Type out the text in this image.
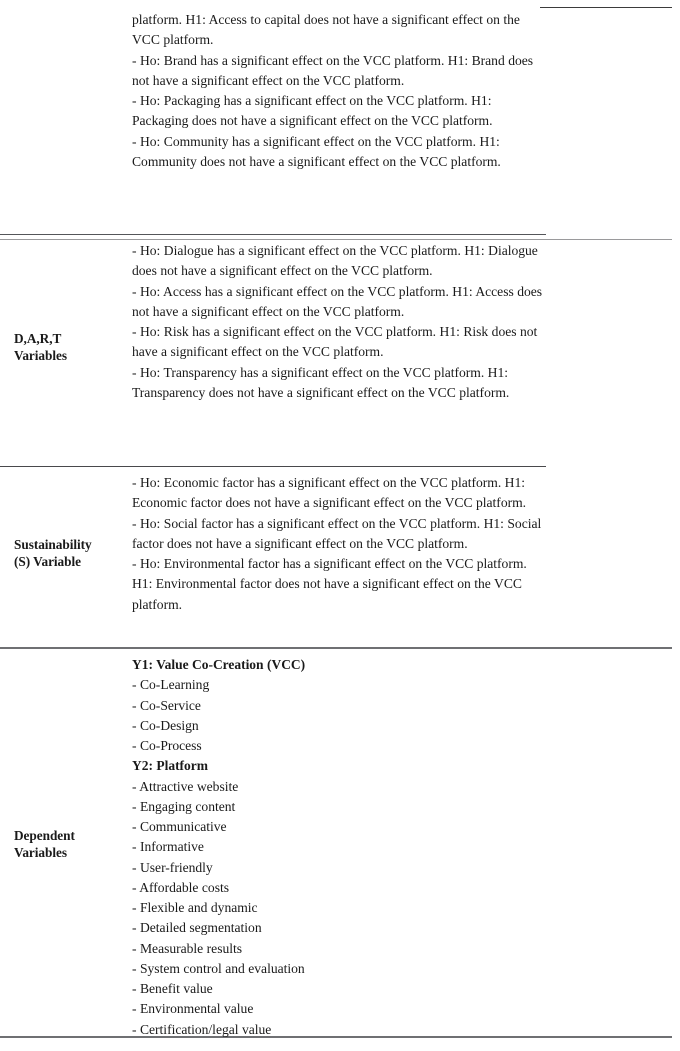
platform. H1: Access to capital does not have a significant effect on the VCC platform.

- Ho: Brand has a significant effect on the VCC platform. H1: Brand does not have a significant effect on the VCC platform.

- Ho: Packaging has a significant effect on the VCC platform. H1: Packaging does not have a significant effect on the VCC platform.

- Ho: Community has a significant effect on the VCC platform. H1: Community does not have a significant effect on the VCC platform.

D,A,R,T
Variables

- Ho: Dialogue has a significant effect on the VCC platform. H1: Dialogue does not have a significant effect on the VCC platform.

- Ho: Access has a significant effect on the VCC platform. H1: Access does not have a significant effect on the VCC platform.

- Ho: Risk has a significant effect on the VCC platform. H1: Risk does not have a significant effect on the VCC platform.

- Ho: Transparency has a significant effect on the VCC platform. H1: Transparency does not have a significant effect on the VCC platform.

Sustainability
(S) Variable

- Ho: Economic factor has a significant effect on the VCC platform. H1: Economic factor does not have a significant effect on the VCC platform.

- Ho: Social factor has a significant effect on the VCC platform. H1: Social factor does not have a significant effect on the VCC platform.

- Ho: Environmental factor has a significant effect on the VCC platform. H1: Environmental factor does not have a significant effect on the VCC platform.

Dependent
Variables

Y1: Value Co-Creation (VCC)

- Co-Learning

- Co-Service

- Co-Design

- Co-Process

Y2: Platform

- Attractive website

- Engaging content

- Communicative

- Informative

- User-friendly

- Affordable costs

- Flexible and dynamic

- Detailed segmentation

- Measurable results

- System control and evaluation

- Benefit value

- Environmental value

- Certification/legal value
